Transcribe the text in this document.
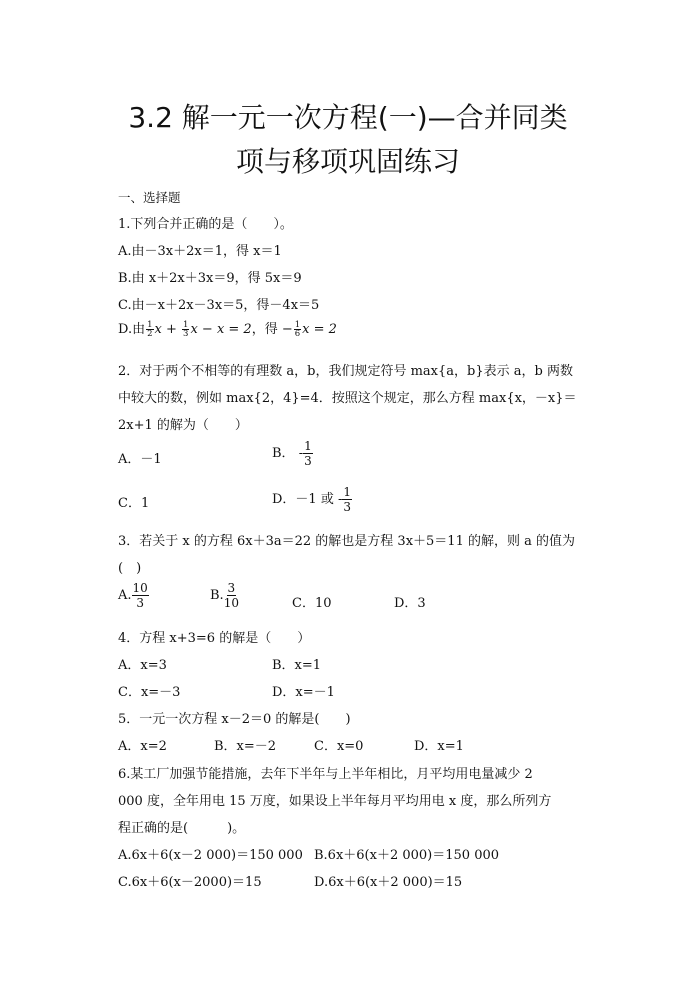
3.2 解一元一次方程(一)—合并同类
项与移项巩固练习
一、选择题
1.下列合并正确的是（　　）。
A.由－3x＋2x＝1，得 x＝1
B.由 x＋2x＋3x＝9，得 5x＝9
C.由－x＋2x－3x＝5，得－4x＝5
D.由 $\frac{1}{2}$ $x + \frac{1}{3}$ x − x = 2，得 − $\frac{1}{6}$ x = 2
2．对于两个不相等的有理数 a，b，我们规定符号 max{a，b}表示 a，b 两数
中较大的数，例如 max{2，4}=4．按照这个规定，那么方程 max{x，－x}＝
2x+1 的解为（　　）
A．－1	B． - $\frac{1}{3}$
C．1	D．－1 或 - $\frac{1}{3}$
3．若关于 x 的方程 6x＋3a＝22 的解也是方程 3x＋5＝11 的解，则 a 的值为
(　)
A. $\frac{10}{3}$	B. $\frac{3}{10}$	C．10	D．3
4．方程 x+3=6 的解是（　　）
A．x=3	B．x=1
C．x=－3	D．x=－1
5．一元一次方程 x－2＝0 的解是(　　)
A．x=2	B．x=－2	C．x=0	D．x=1
6.某工厂加强节能措施，去年下半年与上半年相比，月平均用电量减少 2
000 度，全年用电 15 万度，如果设上半年每月平均用电 x 度，那么所列方
程正确的是(　　　)。
A.6x＋6(x－2 000)＝150 000 B.6x＋6(x＋2 000)＝150 000
C.6x＋6(x－2000)＝15	D.6x＋6(x＋2 000)＝15
